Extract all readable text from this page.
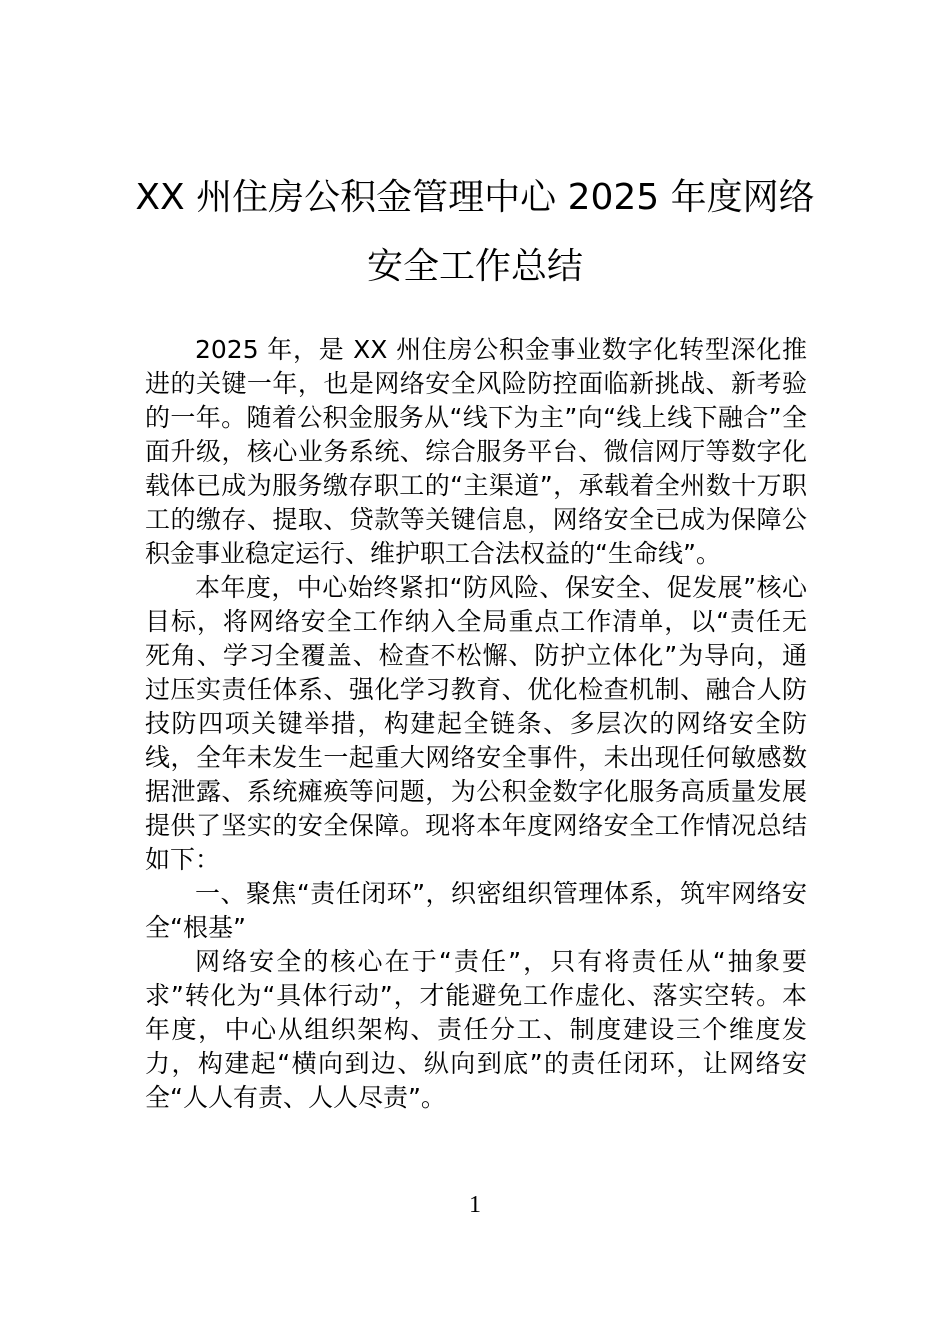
XX 州住房公积金管理中心 2025 年度网络
安全工作总结

2025 年，是 XX 州住房公积金事业数字化转型深化推进的关键一年，也是网络安全风险防控面临新挑战、新考验的一年。随着公积金服务从“线下为主”向“线上线下融合”全面升级，核心业务系统、综合服务平台、微信网厅等数字化载体已成为服务缴存职工的“主渠道”，承载着全州数十万职工的缴存、提取、贷款等关键信息，网络安全已成为保障公积金事业稳定运行、维护职工合法权益的“生命线”。

本年度，中心始终紧扣“防风险、保安全、促发展”核心目标，将网络安全工作纳入全局重点工作清单，以“责任无死角、学习全覆盖、检查不松懈、防护立体化”为导向，通过压实责任体系、强化学习教育、优化检查机制、融合人防技防四项关键举措，构建起全链条、多层次的网络安全防线，全年未发生一起重大网络安全事件，未出现任何敏感数据泄露、系统瘫痪等问题，为公积金数字化服务高质量发展提供了坚实的安全保障。现将本年度网络安全工作情况总结如下：

一、聚焦“责任闭环”，织密组织管理体系，筑牢网络安全“根基”

网络安全的核心在于“责任”，只有将责任从“抽象要求”转化为“具体行动”，才能避免工作虚化、落实空转。本年度，中心从组织架构、责任分工、制度建设三个维度发力，构建起“横向到边、纵向到底”的责任闭环，让网络安全“人人有责、人人尽责”。

1
